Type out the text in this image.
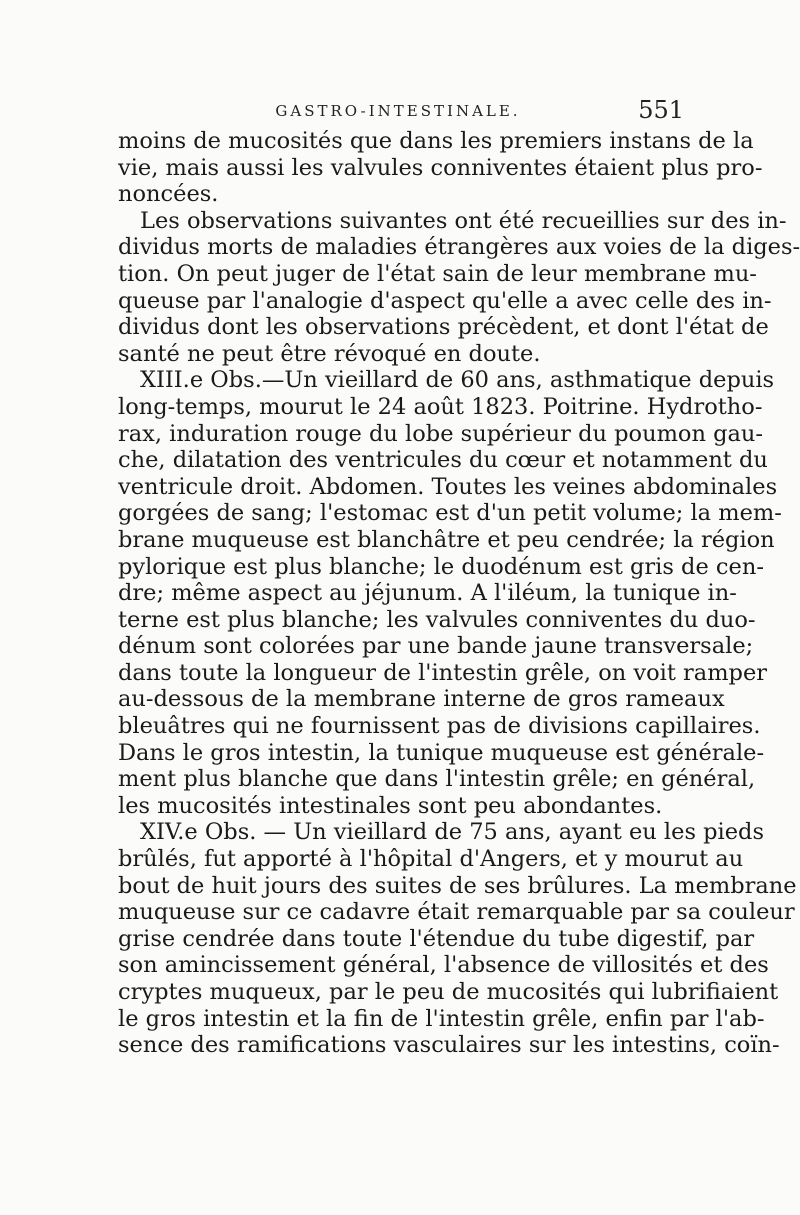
GASTRO-INTESTINALE.	551
moins de mucosités que dans les premiers instans de la
vie, mais aussi les valvules conniventes étaient plus pro-
noncées.
Les observations suivantes ont été recueillies sur des in-
dividus morts de maladies étrangères aux voies de la diges-
tion. On peut juger de l'état sain de leur membrane mu-
queuse par l'analogie d'aspect qu'elle a avec celle des in-
dividus dont les observations précèdent, et dont l'état de
santé ne peut être révoqué en doute.
XIII.e Obs.—Un vieillard de 60 ans, asthmatique depuis
long-temps, mourut le 24 août 1823. Poitrine. Hydrotho-
rax, induration rouge du lobe supérieur du poumon gau-
che, dilatation des ventricules du cœur et notamment du
ventricule droit. Abdomen. Toutes les veines abdominales
gorgées de sang; l'estomac est d'un petit volume; la mem-
brane muqueuse est blanchâtre et peu cendrée; la région
pylorique est plus blanche; le duodénum est gris de cen-
dre; même aspect au jéjunum. A l'iléum, la tunique in-
terne est plus blanche; les valvules conniventes du duo-
dénum sont colorées par une bande jaune transversale;
dans toute la longueur de l'intestin grêle, on voit ramper
au-dessous de la membrane interne de gros rameaux
bleuâtres qui ne fournissent pas de divisions capillaires.
Dans le gros intestin, la tunique muqueuse est générale-
ment plus blanche que dans l'intestin grêle; en général,
les mucosités intestinales sont peu abondantes.
XIV.e Obs. — Un vieillard de 75 ans, ayant eu les pieds
brûlés, fut apporté à l'hôpital d'Angers, et y mourut au
bout de huit jours des suites de ses brûlures. La membrane
muqueuse sur ce cadavre était remarquable par sa couleur
grise cendrée dans toute l'étendue du tube digestif, par
son amincissement général, l'absence de villosités et des
cryptes muqueux, par le peu de mucosités qui lubrifiaient
le gros intestin et la fin de l'intestin grêle, enfin par l'ab-
sence des ramifications vasculaires sur les intestins, coïn-
